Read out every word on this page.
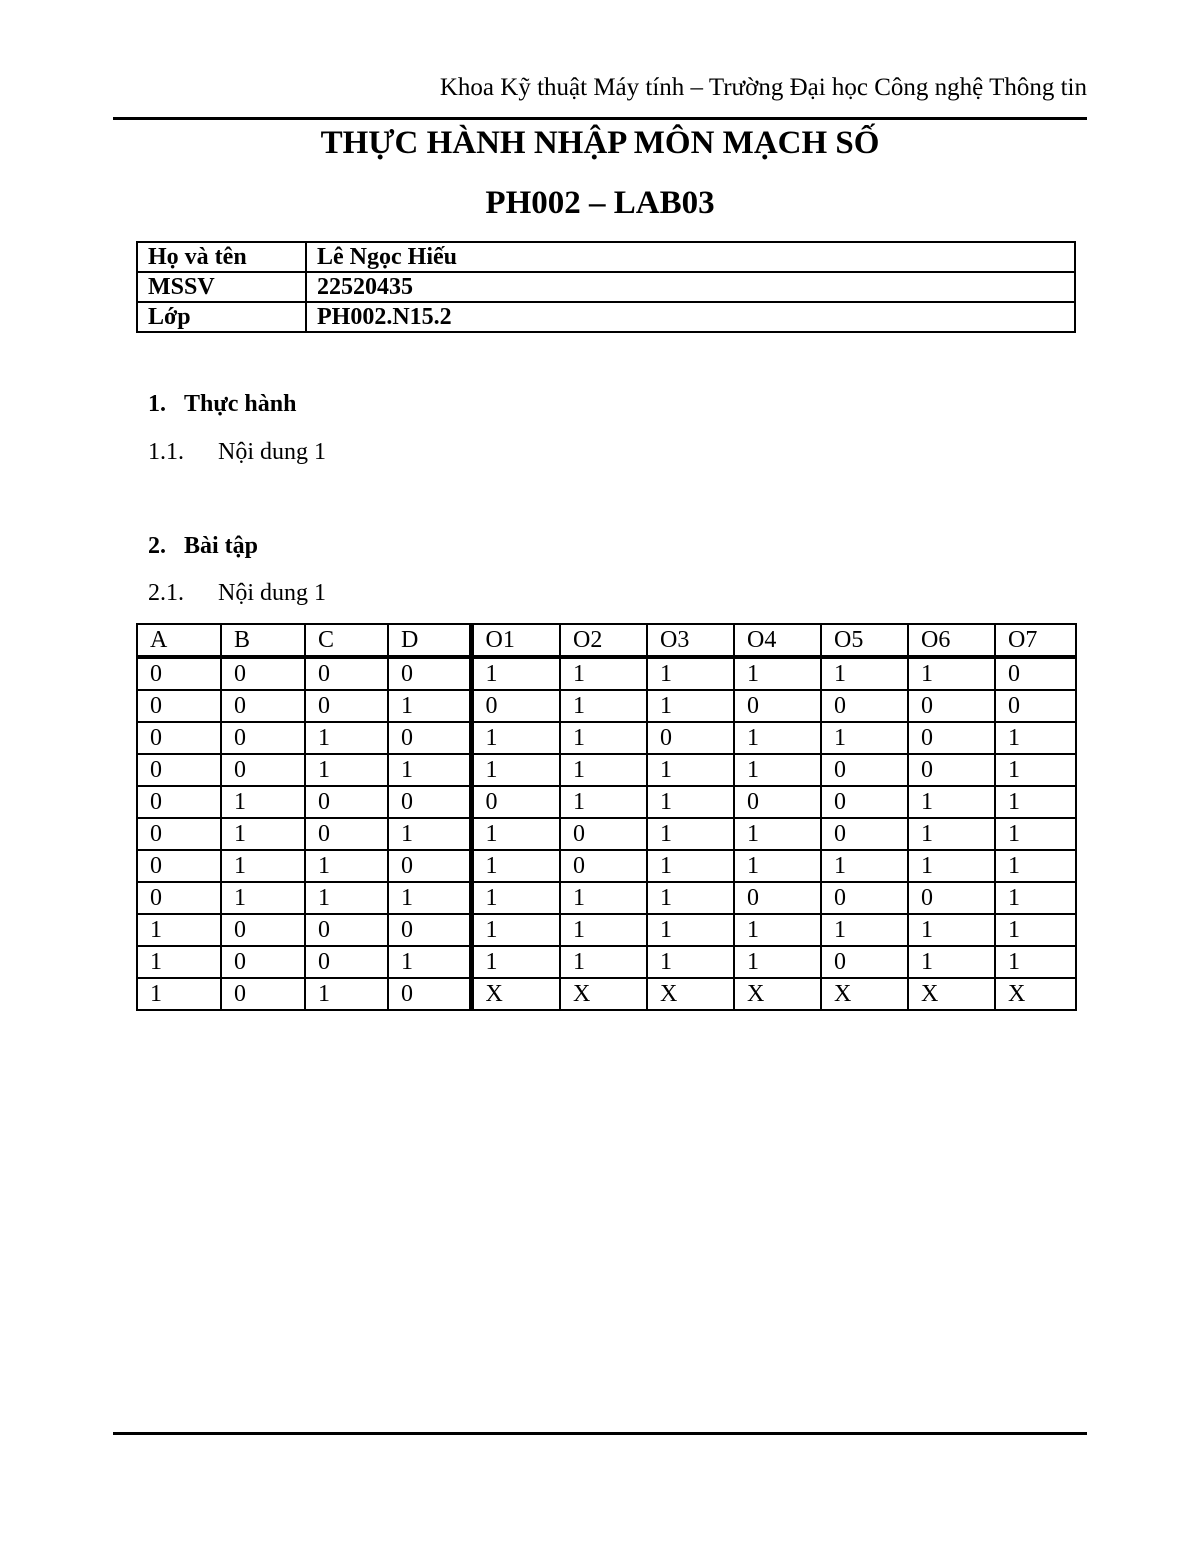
Khoa Kỹ thuật Máy tính – Trường Đại học Công nghệ Thông tin
THỰC HÀNH NHẬP MÔN MẠCH SỐ
PH002 – LAB03
Họ và tên	Lê Ngọc Hiếu
MSSV	22520435
Lớp	PH002.N15.2
1. Thực hành
1.1. Nội dung 1
2. Bài tập
2.1. Nội dung 1
A	B	C	D	O1	O2	O3	O4	O5	O6	O7
0	0	0	0	1	1	1	1	1	1	0
0	0	0	1	0	1	1	0	0	0	0
0	0	1	0	1	1	0	1	1	0	1
0	0	1	1	1	1	1	1	0	0	1
0	1	0	0	0	1	1	0	0	1	1
0	1	0	1	1	0	1	1	0	1	1
0	1	1	0	1	0	1	1	1	1	1
0	1	1	1	1	1	1	0	0	0	1
1	0	0	0	1	1	1	1	1	1	1
1	0	0	1	1	1	1	1	0	1	1
1	0	1	0	X	X	X	X	X	X	X
